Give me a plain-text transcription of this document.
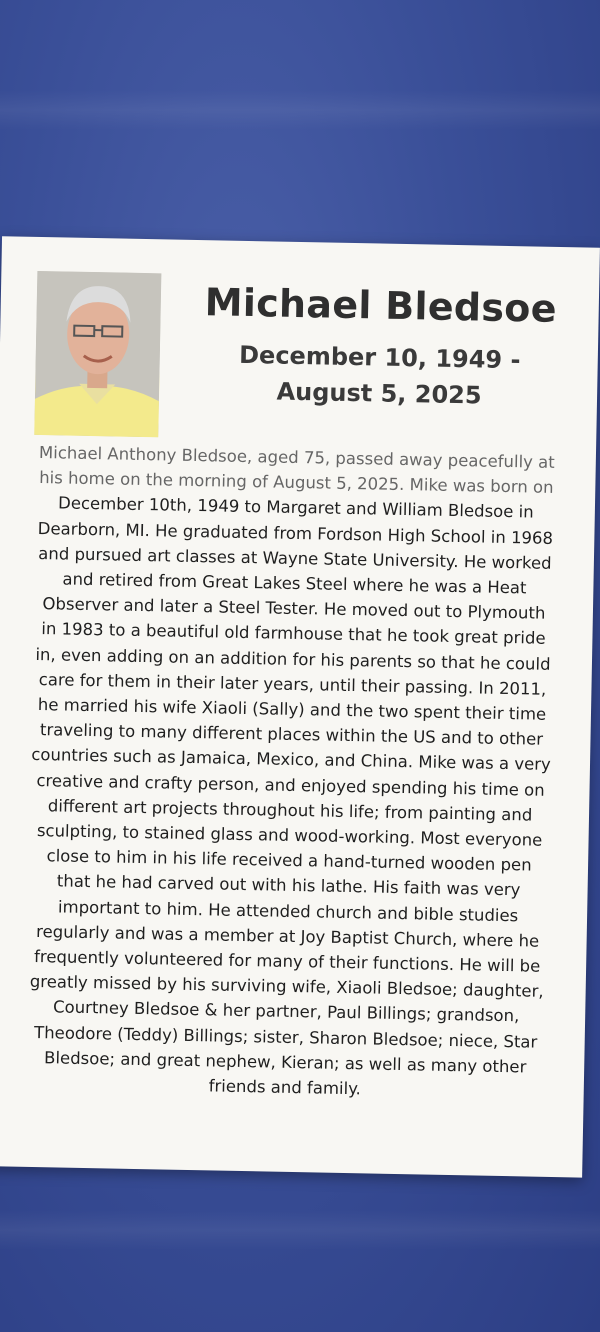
Michael Bledsoe
December 10, 1949 -
August 5, 2025
Michael Anthony Bledsoe, aged 75, passed away peacefully at
his home on the morning of August 5, 2025. Mike was born on
December 10th, 1949 to Margaret and William Bledsoe in
Dearborn, MI. He graduated from Fordson High School in 1968
and pursued art classes at Wayne State University. He worked
and retired from Great Lakes Steel where he was a Heat
Observer and later a Steel Tester. He moved out to Plymouth
in 1983 to a beautiful old farmhouse that he took great pride
in, even adding on an addition for his parents so that he could
care for them in their later years, until their passing. In 2011,
he married his wife Xiaoli (Sally) and the two spent their time
traveling to many different places within the US and to other
countries such as Jamaica, Mexico, and China. Mike was a very
creative and crafty person, and enjoyed spending his time on
different art projects throughout his life; from painting and
sculpting, to stained glass and wood-working. Most everyone
close to him in his life received a hand-turned wooden pen
that he had carved out with his lathe. His faith was very
important to him. He attended church and bible studies
regularly and was a member at Joy Baptist Church, where he
frequently volunteered for many of their functions. He will be
greatly missed by his surviving wife, Xiaoli Bledsoe; daughter,
Courtney Bledsoe & her partner, Paul Billings; grandson,
Theodore (Teddy) Billings; sister, Sharon Bledsoe; niece, Star
Bledsoe; and great nephew, Kieran; as well as many other
friends and family.
